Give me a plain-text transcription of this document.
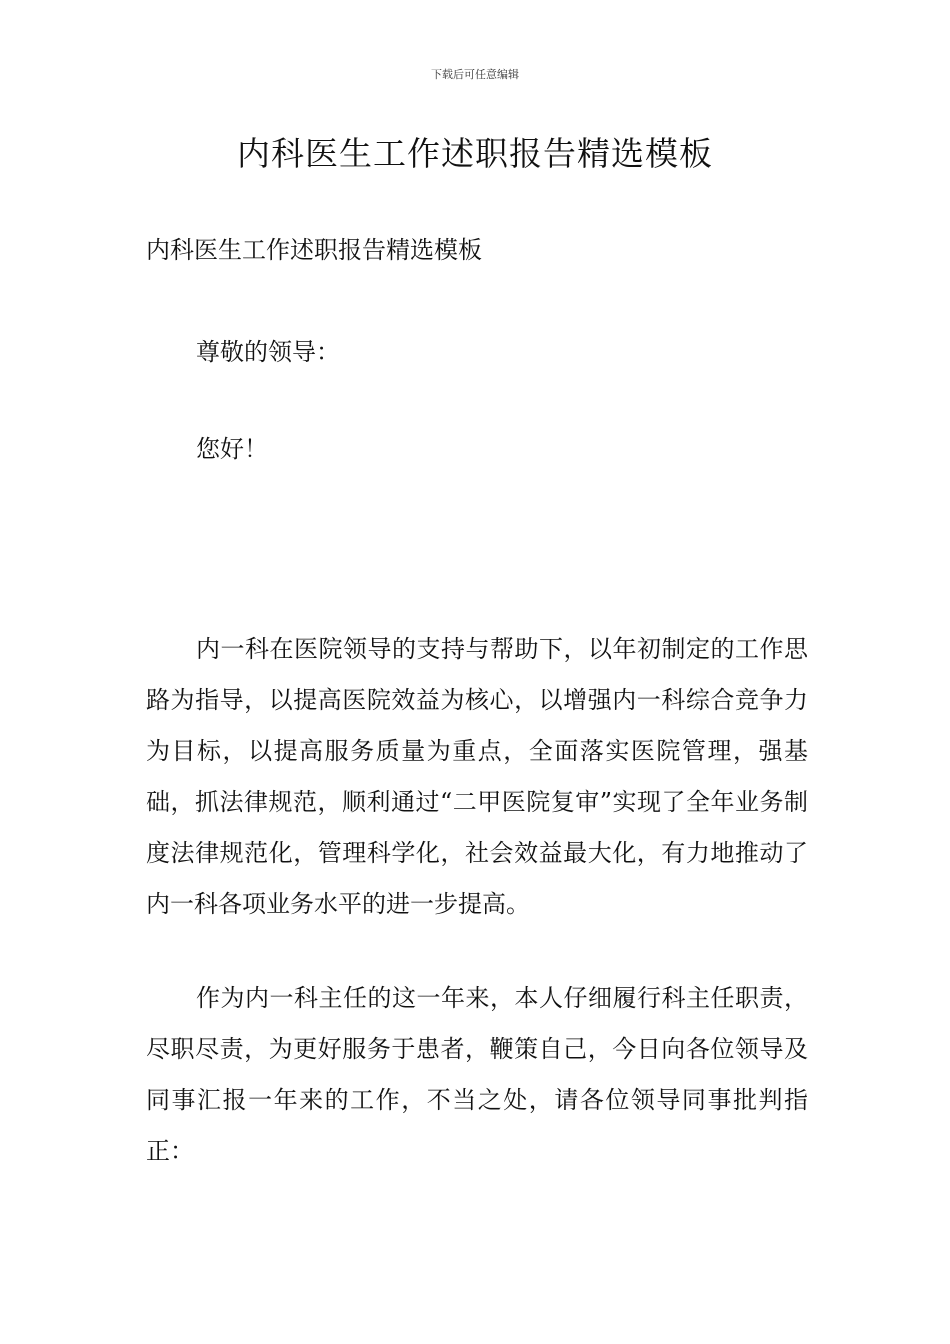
下载后可任意编辑
内科医生工作述职报告精选模板

内科医生工作述职报告精选模板

尊敬的领导：

您好！

内一科在医院领导的支持与帮助下，以年初制定的工作思路为指导，以提高医院效益为核心，以增强内一科综合竞争力为目标，以提高服务质量为重点，全面落实医院管理，强基础，抓法律规范，顺利通过“二甲医院复审”实现了全年业务制度法律规范化，管理科学化，社会效益最大化，有力地推动了内一科各项业务水平的进一步提高。

作为内一科主任的这一年来，本人仔细履行科主任职责，尽职尽责，为更好服务于患者，鞭策自己，今日向各位领导及同事汇报一年来的工作，不当之处，请各位领导同事批判指正：
